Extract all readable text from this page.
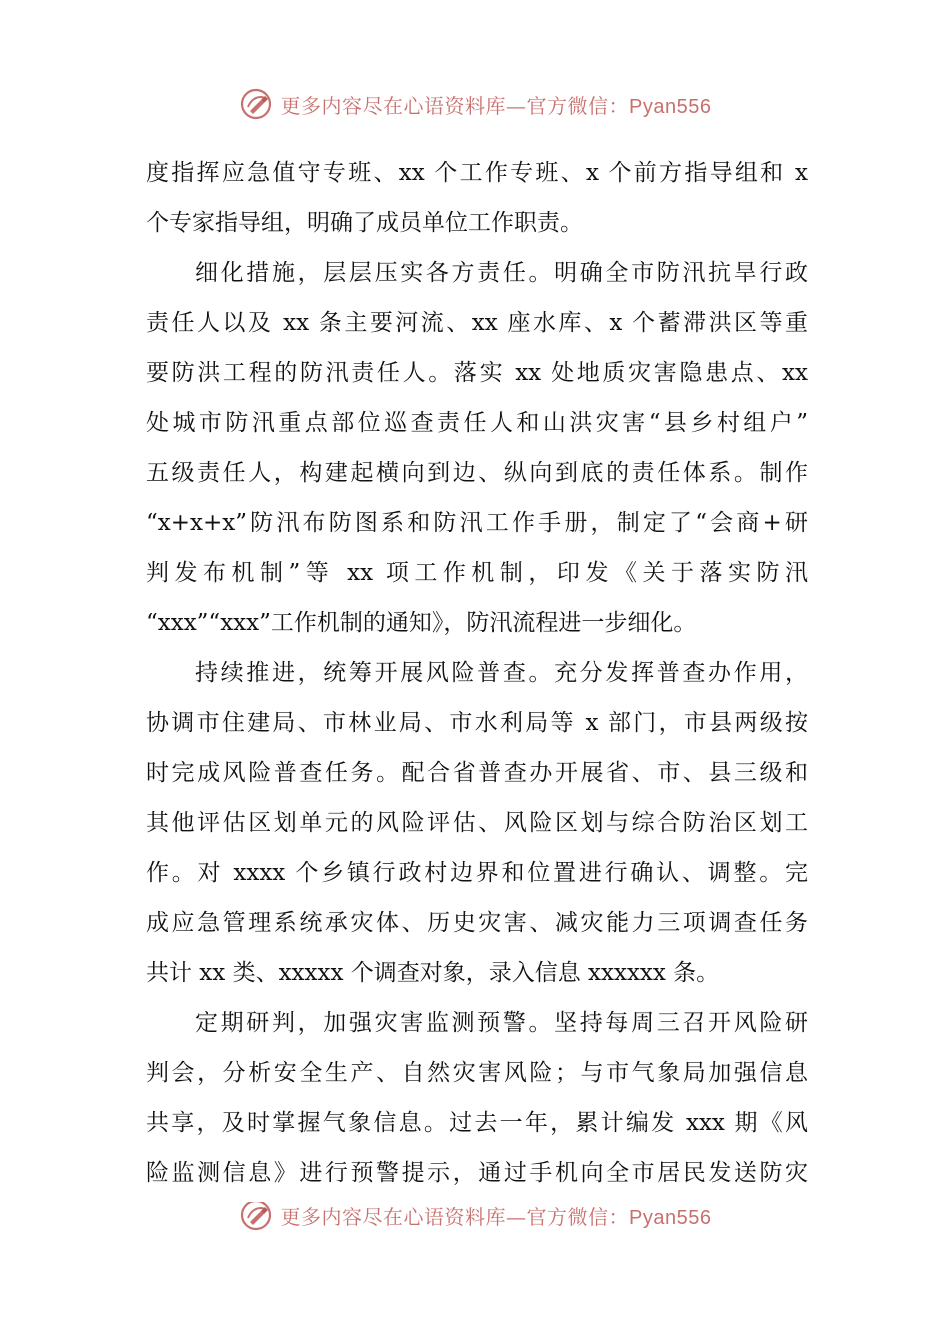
更多内容尽在心语资料库—官方微信：Pyan556
度指挥应急值守专班、xx 个工作专班、x 个前方指导组和 x
个专家指导组，明确了成员单位工作职责。
细化措施，层层压实各方责任。明确全市防汛抗旱行政
责任人以及 xx 条主要河流、xx 座水库、x 个蓄滞洪区等重
要防洪工程的防汛责任人。落实 xx 处地质灾害隐患点、xx
处城市防汛重点部位巡查责任人和山洪灾害“县乡村组户”
五级责任人，构建起横向到边、纵向到底的责任体系。制作
“x+x+x”防汛布防图系和防汛工作手册，制定了“会商+研
判发布机制”等 xx 项工作机制，印发《关于落实防汛
“xxx”“xxx”工作机制的通知》，防汛流程进一步细化。
持续推进，统筹开展风险普查。充分发挥普查办作用，
协调市住建局、市林业局、市水利局等 x 部门，市县两级按
时完成风险普查任务。配合省普查办开展省、市、县三级和
其他评估区划单元的风险评估、风险区划与综合防治区划工
作。对 xxxx 个乡镇行政村边界和位置进行确认、调整。完
成应急管理系统承灾体、历史灾害、减灾能力三项调查任务
共计 xx 类、xxxxx 个调查对象，录入信息 xxxxxx 条。
定期研判，加强灾害监测预警。坚持每周三召开风险研
判会，分析安全生产、自然灾害风险；与市气象局加强信息
共享，及时掌握气象信息。过去一年，累计编发 xxx 期《风
险监测信息》进行预警提示，通过手机向全市居民发送防灾
更多内容尽在心语资料库—官方微信：Pyan556
